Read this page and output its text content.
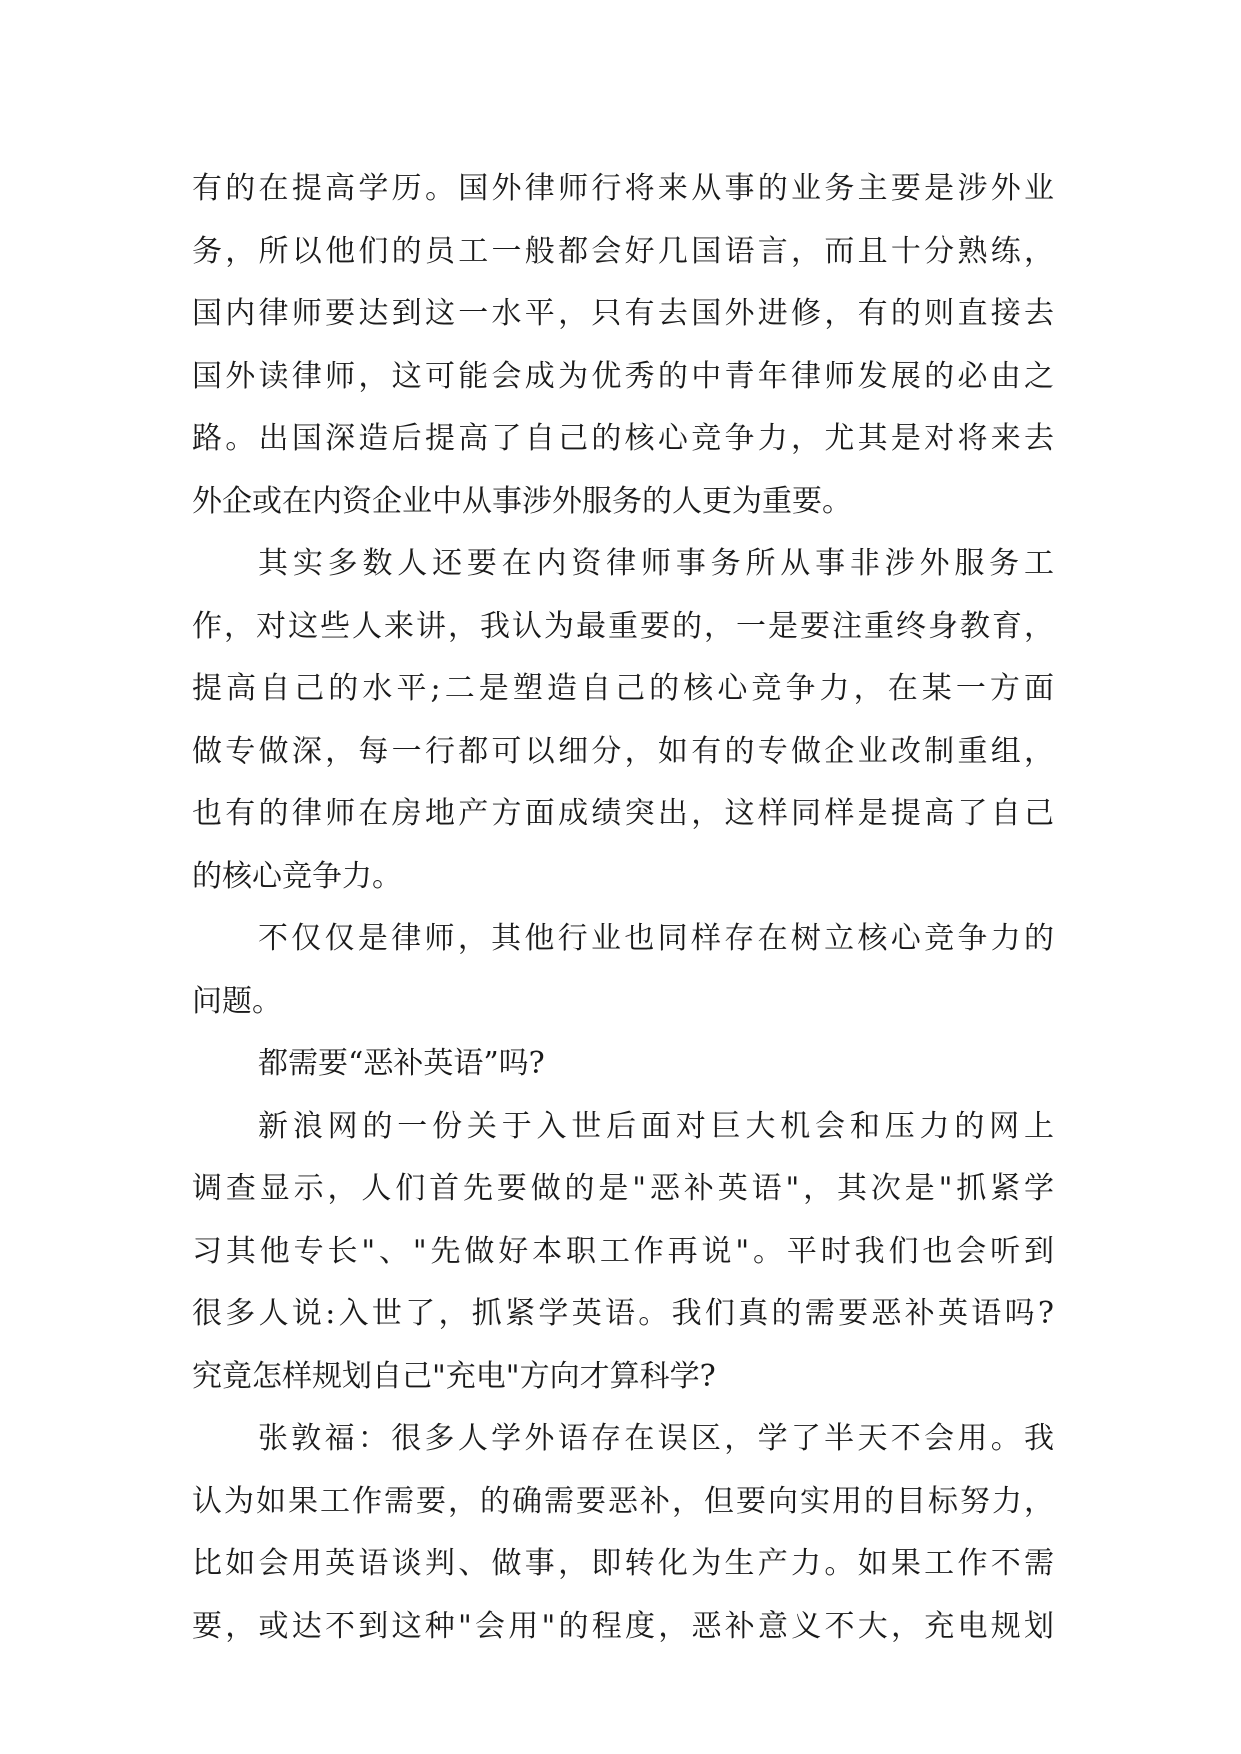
有的在提高学历。国外律师行将来从事的业务主要是涉外业
务，所以他们的员工一般都会好几国语言，而且十分熟练，
国内律师要达到这一水平，只有去国外进修，有的则直接去
国外读律师，这可能会成为优秀的中青年律师发展的必由之
路。出国深造后提高了自己的核心竞争力，尤其是对将来去
外企或在内资企业中从事涉外服务的人更为重要。
其实多数人还要在内资律师事务所从事非涉外服务工
作，对这些人来讲，我认为最重要的，一是要注重终身教育，
提高自己的水平;二是塑造自己的核心竞争力，在某一方面
做专做深，每一行都可以细分，如有的专做企业改制重组，
也有的律师在房地产方面成绩突出，这样同样是提高了自己
的核心竞争力。
不仅仅是律师，其他行业也同样存在树立核心竞争力的
问题。
都需要“恶补英语”吗?
新浪网的一份关于入世后面对巨大机会和压力的网上
调查显示，人们首先要做的是"恶补英语"，其次是"抓紧学
习其他专长"、"先做好本职工作再说"。平时我们也会听到
很多人说:入世了，抓紧学英语。我们真的需要恶补英语吗?
究竟怎样规划自己"充电"方向才算科学?
张敦福：很多人学外语存在误区，学了半天不会用。我
认为如果工作需要，的确需要恶补，但要向实用的目标努力，
比如会用英语谈判、做事，即转化为生产力。如果工作不需
要，或达不到这种"会用"的程度，恶补意义不大，充电规划
